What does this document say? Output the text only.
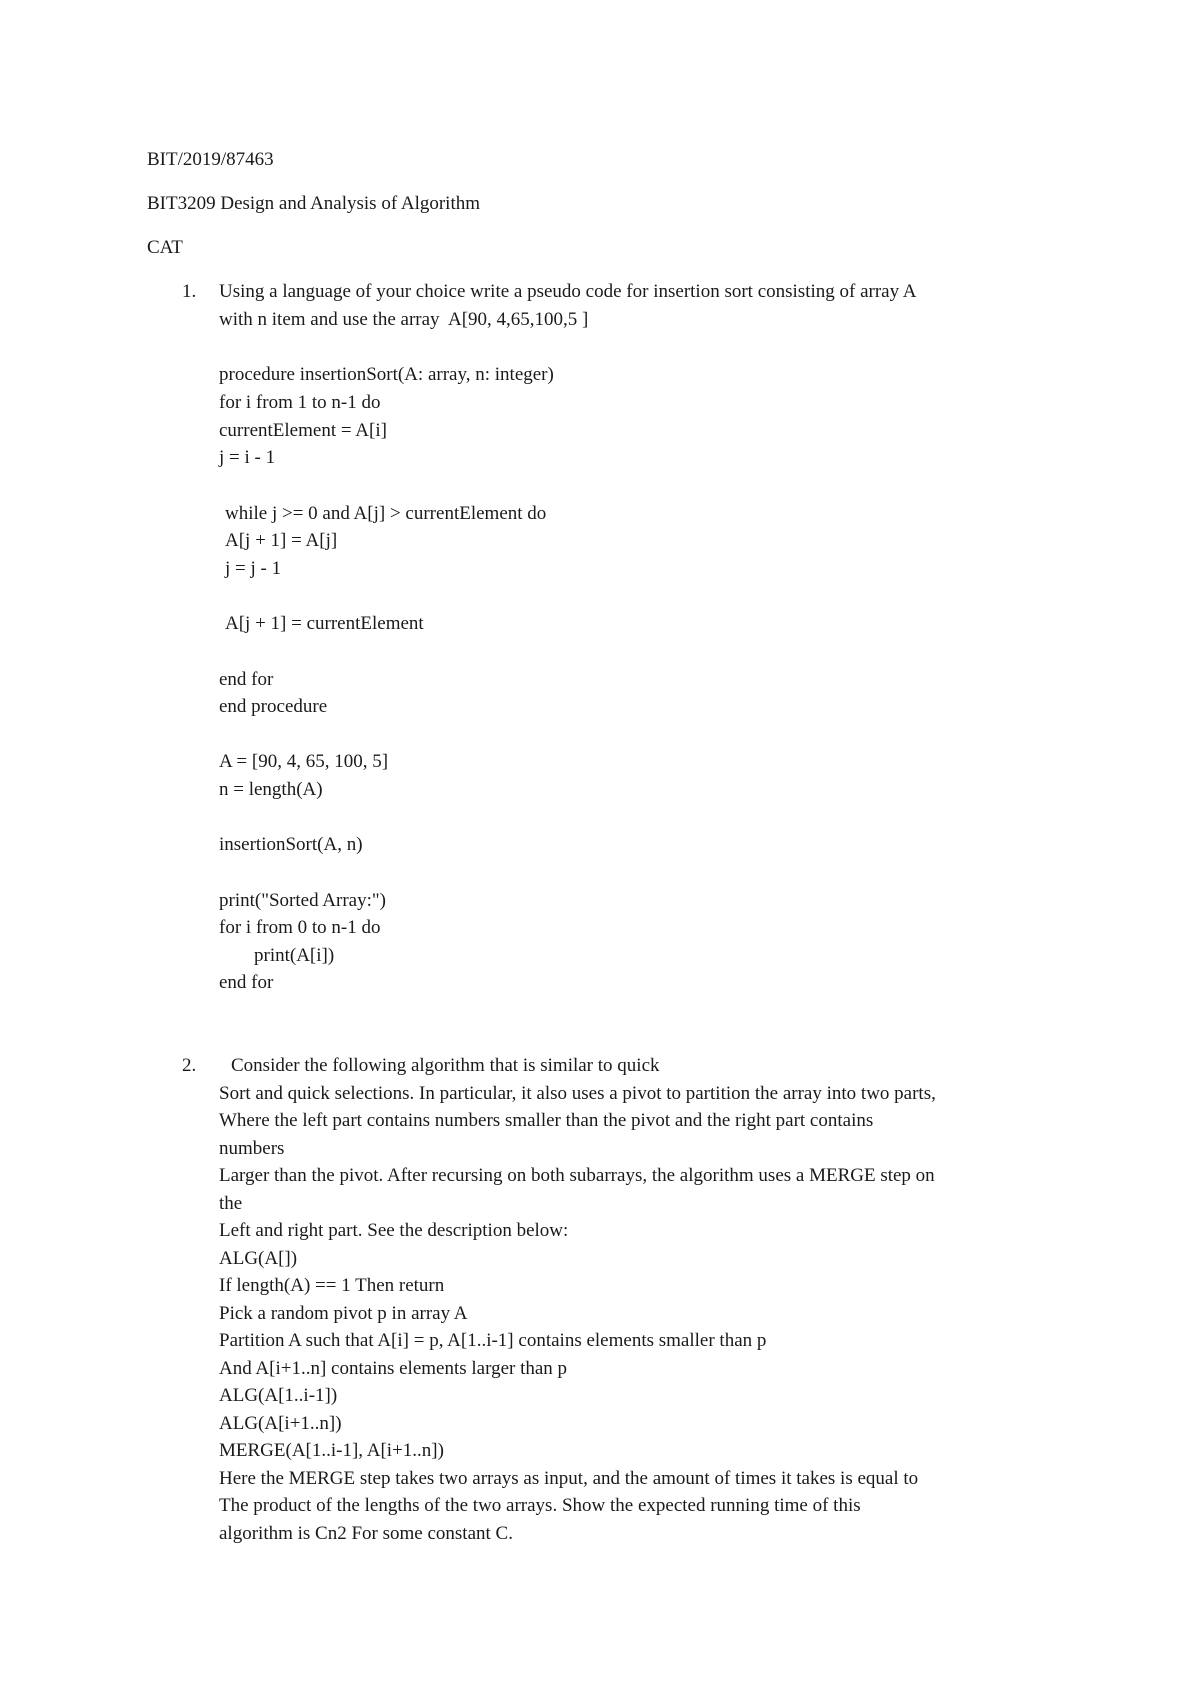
BIT/2019/87463
BIT3209 Design and Analysis of Algorithm
CAT
1. Using a language of your choice write a pseudo code for insertion sort consisting of array A
with n item and use the array  A[90, 4,65,100,5 ]
procedure insertionSort(A: array, n: integer)
for i from 1 to n-1 do
currentElement = A[i]
j = i - 1
while j >= 0 and A[j] > currentElement do
A[j + 1] = A[j]
j = j - 1
A[j + 1] = currentElement
end for
end procedure
A = [90, 4, 65, 100, 5]
n = length(A)
insertionSort(A, n)
print("Sorted Array:")
for i from 0 to n-1 do
print(A[i])
end for
2. Consider the following algorithm that is similar to quick
Sort and quick selections. In particular, it also uses a pivot to partition the array into two parts,
Where the left part contains numbers smaller than the pivot and the right part contains
numbers
Larger than the pivot. After recursing on both subarrays, the algorithm uses a MERGE step on
the
Left and right part. See the description below:
ALG(A[])
If length(A) == 1 Then return
Pick a random pivot p in array A
Partition A such that A[i] = p, A[1..i-1] contains elements smaller than p
And A[i+1..n] contains elements larger than p
ALG(A[1..i-1])
ALG(A[i+1..n])
MERGE(A[1..i-1], A[i+1..n])
Here the MERGE step takes two arrays as input, and the amount of times it takes is equal to
The product of the lengths of the two arrays. Show the expected running time of this
algorithm is Cn2 For some constant C.
